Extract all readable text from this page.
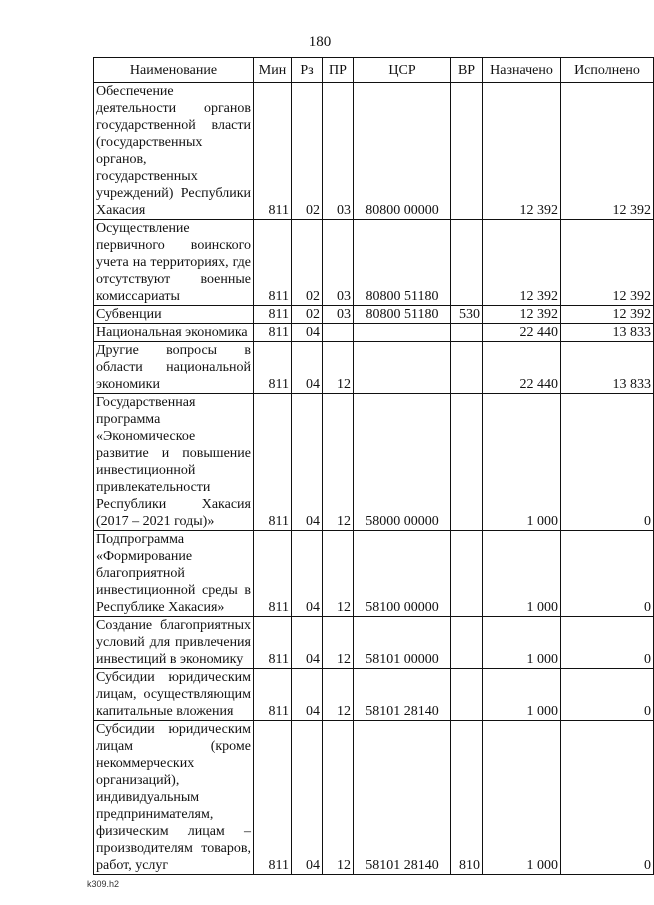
180
Наименование	Мин	Рз	ПР	ЦСР	ВР	Назначено	Исполнено
Обеспечение деятельности органов государственной власти (государственных органов, государственных учреждений) Республики Хакасия	811	02	03	80800 00000		12 392	12 392
Осуществление первичного воинского учета на территориях, где отсутствуют военные комиссариаты	811	02	03	80800 51180		12 392	12 392
Субвенции	811	02	03	80800 51180	530	12 392	12 392
Национальная экономика	811	04				22 440	13 833
Другие вопросы в области национальной экономики	811	04	12			22 440	13 833
Государственная программа «Экономическое развитие и повышение инвестиционной привлекательности Республики Хакасия (2017 – 2021 годы)»	811	04	12	58000 00000		1 000	0
Подпрограмма «Формирование благоприятной инвестиционной среды в Республике Хакасия»	811	04	12	58100 00000		1 000	0
Создание благоприятных условий для привлечения инвестиций в экономику	811	04	12	58101 00000		1 000	0
Субсидии юридическим лицам, осуществляющим капитальные вложения	811	04	12	58101 28140		1 000	0
Субсидии юридическим лицам (кроме некоммерческих организаций), индивидуальным предпринимателям, физическим лицам – производителям товаров, работ, услуг	811	04	12	58101 28140	810	1 000	0
k309.h2
